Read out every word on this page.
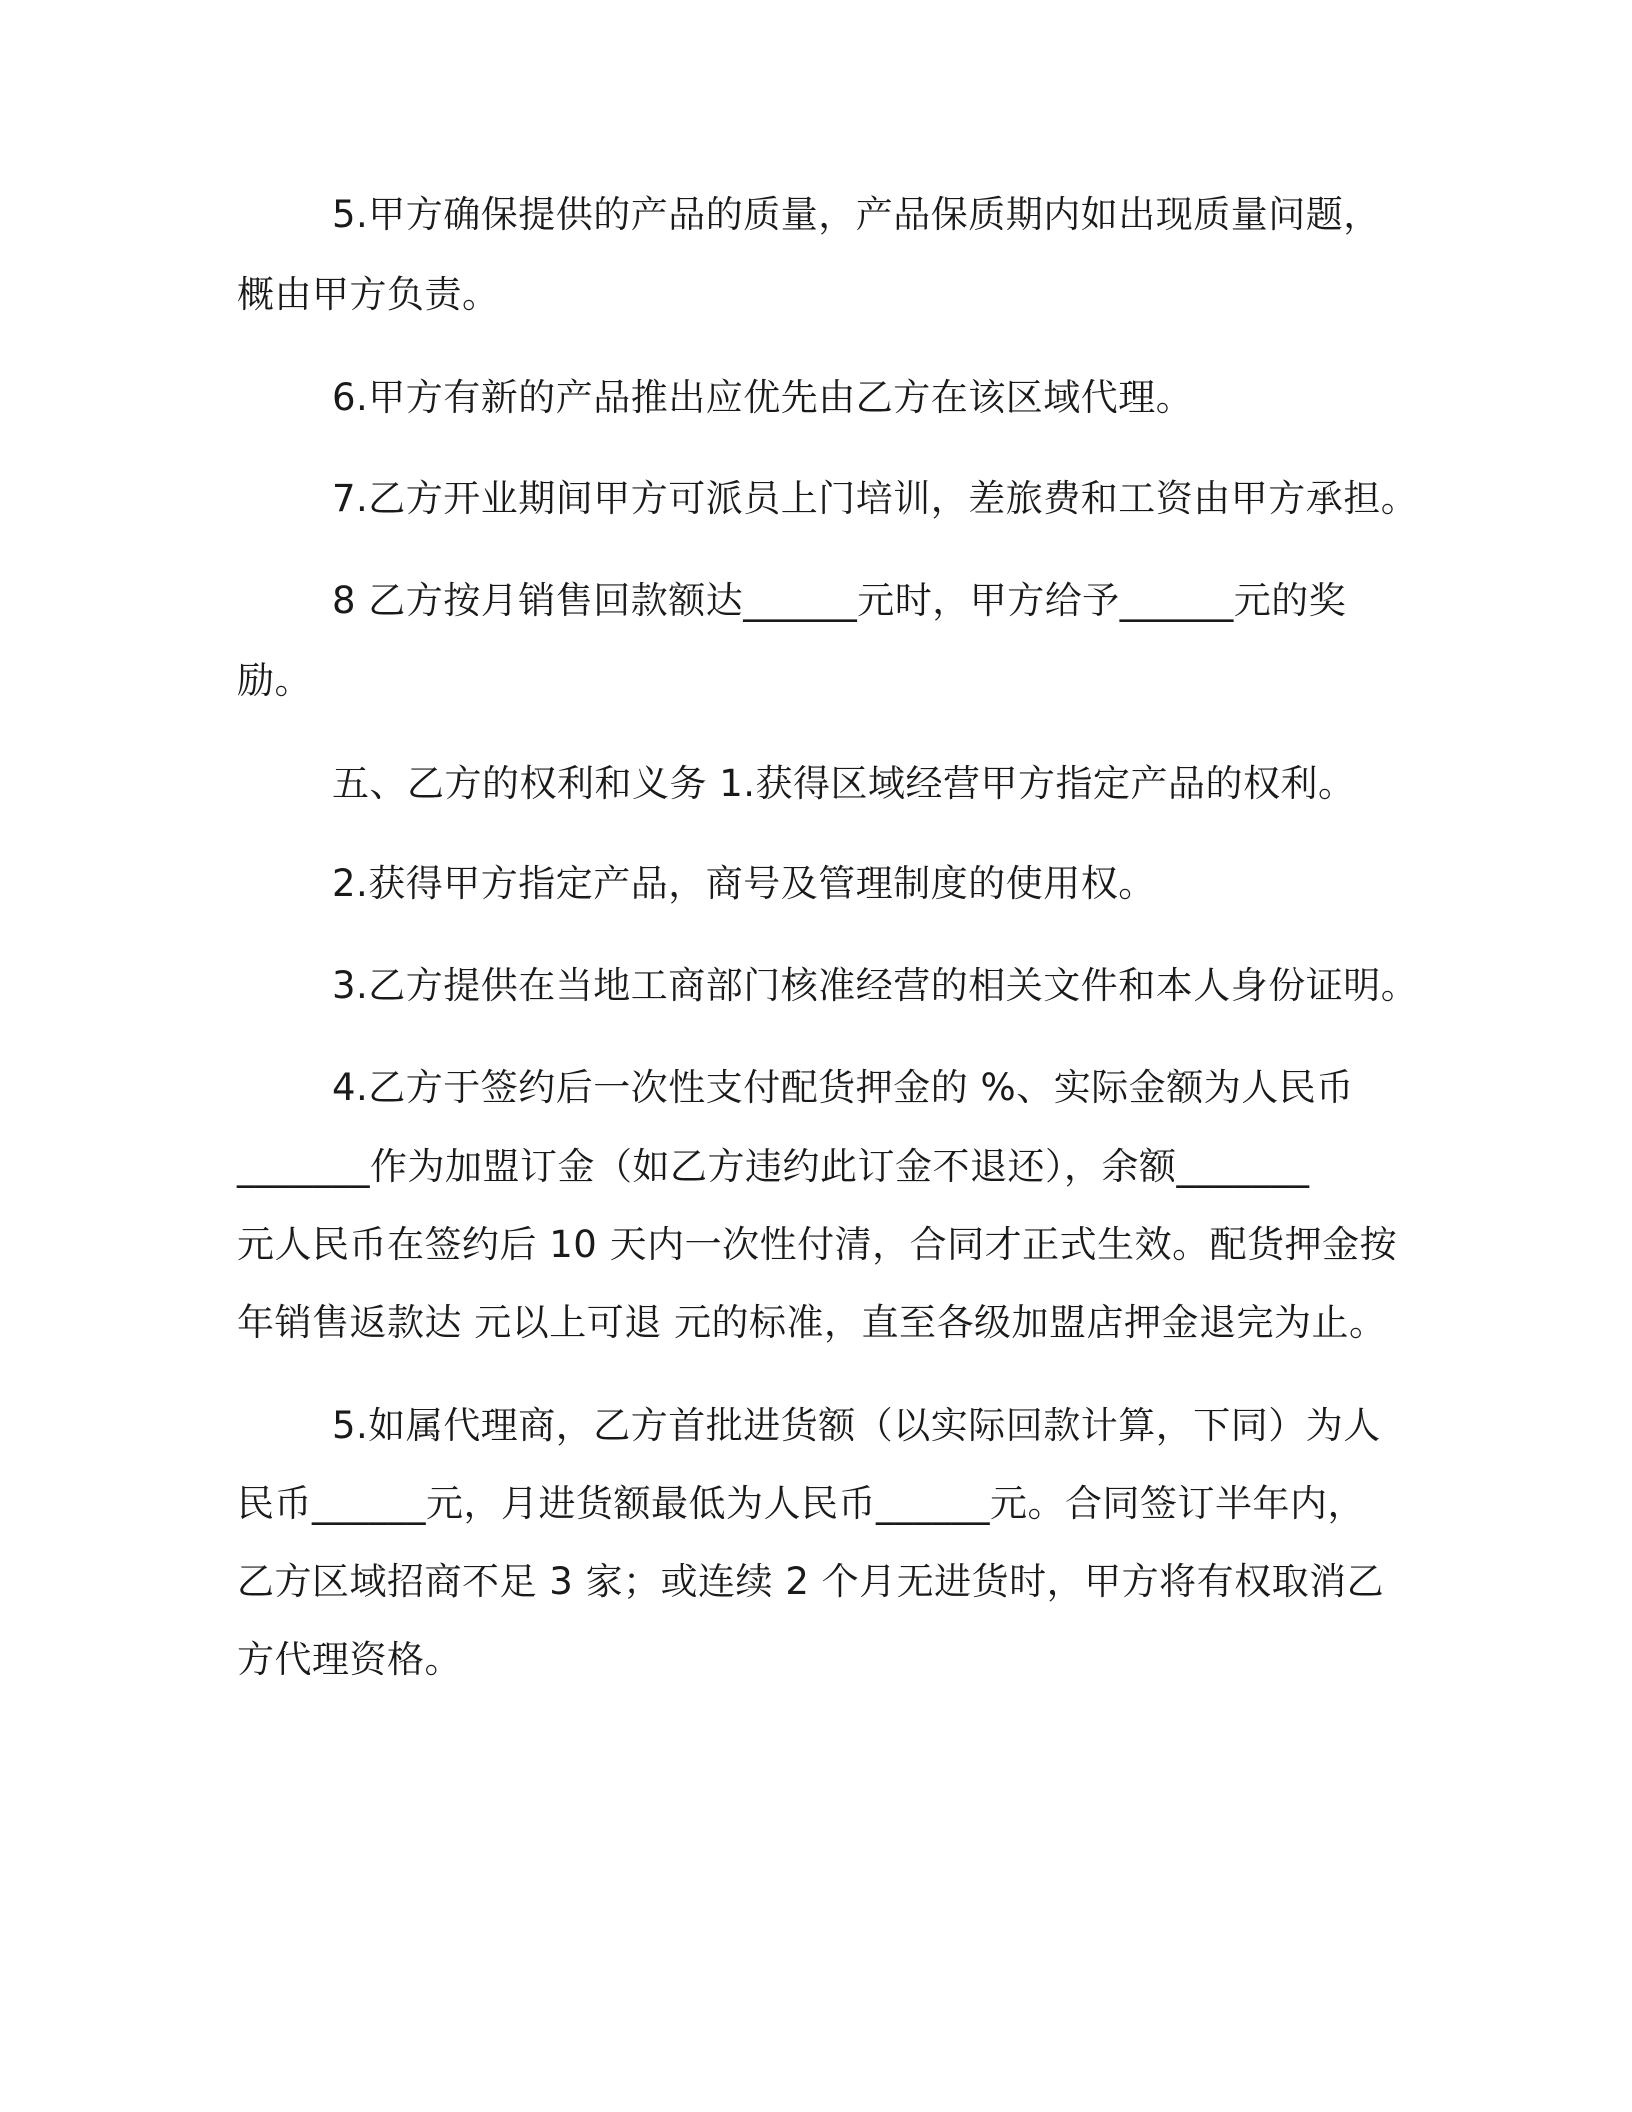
5.甲方确保提供的产品的质量，产品保质期内如出现质量问题，
概由甲方负责。
6.甲方有新的产品推出应优先由乙方在该区域代理。
7.乙方开业期间甲方可派员上门培训，差旅费和工资由甲方承担。
8 乙方按月销售回款额达______元时，甲方给予______元的奖
励。
五、乙方的权利和义务 1.获得区域经营甲方指定产品的权利。
2.获得甲方指定产品，商号及管理制度的使用权。
3.乙方提供在当地工商部门核准经营的相关文件和本人身份证明。
4.乙方于签约后一次性支付配货押金的 %、实际金额为人民币
_______作为加盟订金（如乙方违约此订金不退还），余额_______
元人民币在签约后 10 天内一次性付清，合同才正式生效。配货押金按
年销售返款达 元以上可退 元的标准，直至各级加盟店押金退完为止。
5.如属代理商，乙方首批进货额（以实际回款计算，下同）为人
民币______元，月进货额最低为人民币______元。合同签订半年内，
乙方区域招商不足 3 家；或连续 2 个月无进货时，甲方将有权取消乙
方代理资格。
